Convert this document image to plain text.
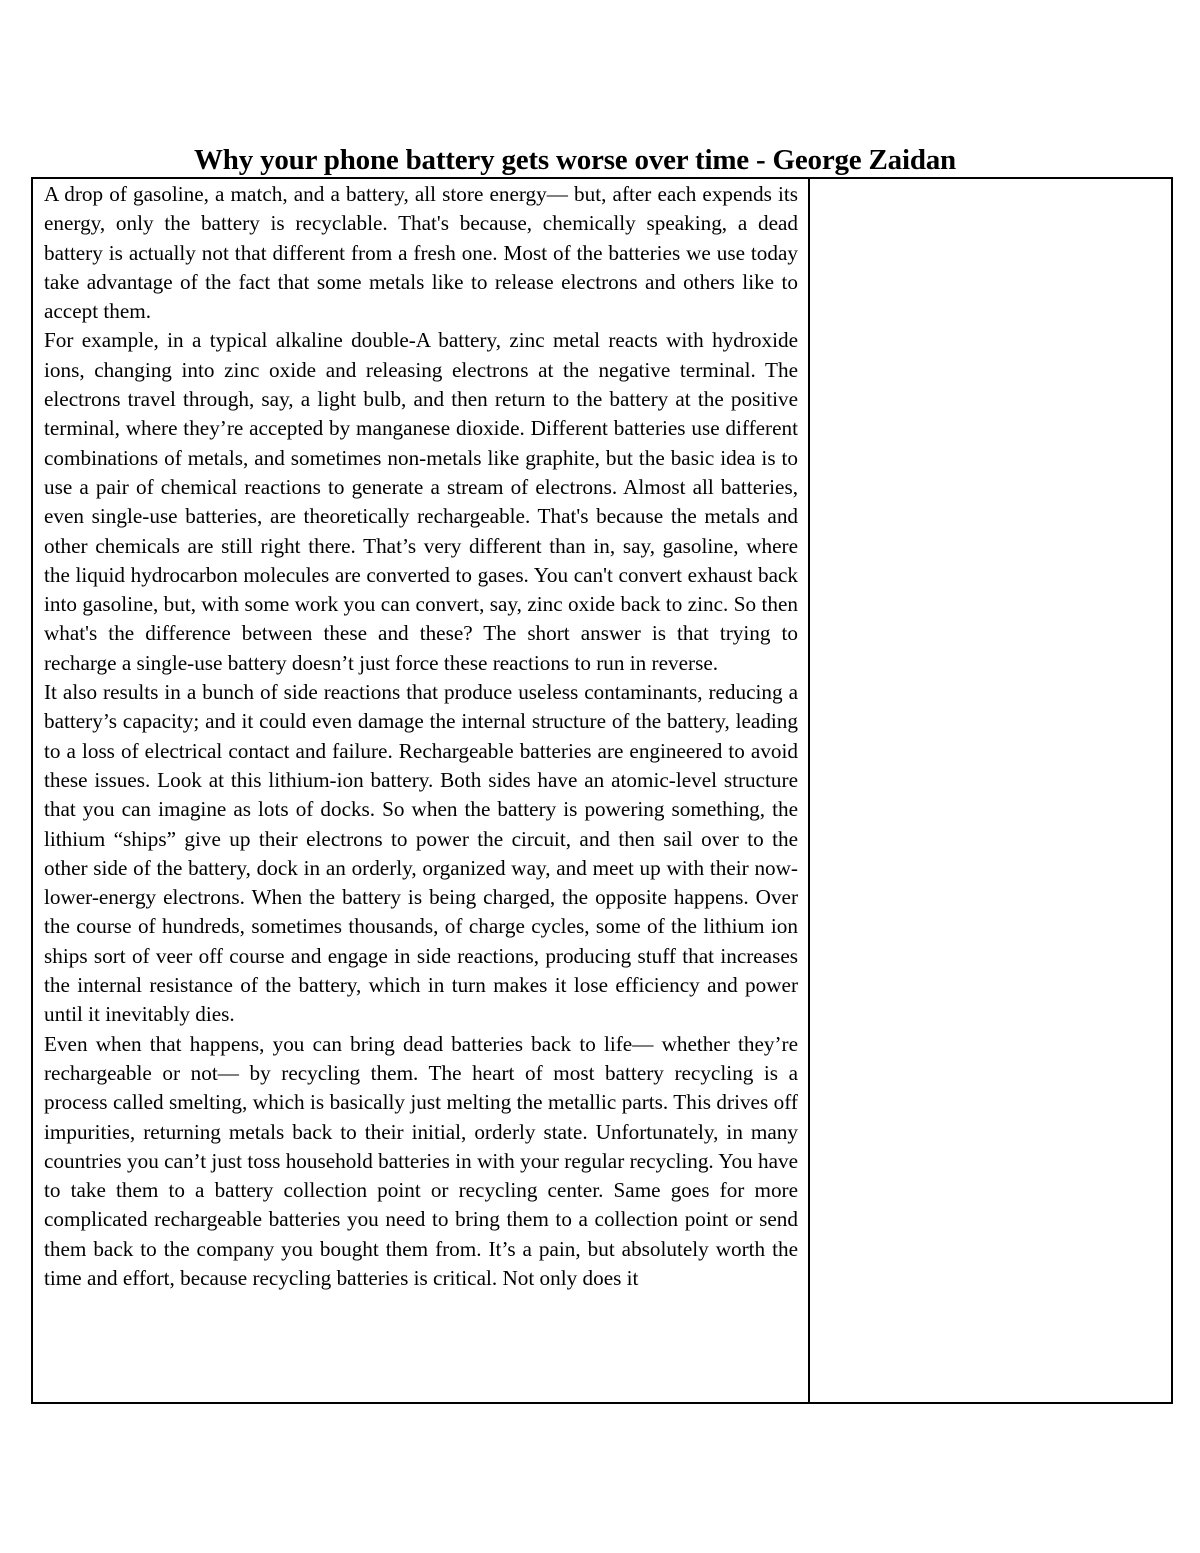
Why your phone battery gets worse over time - George Zaidan

A drop of gasoline, a match, and a battery, all store energy— but, after each expends its energy, only the battery is recyclable. That's because, chemically speaking, a dead battery is actually not that different from a fresh one. Most of the batteries we use today take advantage of the fact that some metals like to release electrons and others like to accept them.

For example, in a typical alkaline double-A battery, zinc metal reacts with hydroxide ions, changing into zinc oxide and releasing electrons at the negative terminal. The electrons travel through, say, a light bulb, and then return to the battery at the positive terminal, where they’re accepted by manganese dioxide. Different batteries use different combinations of metals, and sometimes non-metals like graphite, but the basic idea is to use a pair of chemical reactions to generate a stream of electrons. Almost all batteries, even single-use batteries, are theoretically rechargeable. That's because the metals and other chemicals are still right there. That’s very different than in, say, gasoline, where the liquid hydrocarbon molecules are converted to gases. You can't convert exhaust back into gasoline, but, with some work you can convert, say, zinc oxide back to zinc. So then what's the difference between these and these? The short answer is that trying to recharge a single-use battery doesn’t just force these reactions to run in reverse.

It also results in a bunch of side reactions that produce useless contaminants, reducing a battery’s capacity; and it could even damage the internal structure of the battery, leading to a loss of electrical contact and failure. Rechargeable batteries are engineered to avoid these issues. Look at this lithium-ion battery. Both sides have an atomic-level structure that you can imagine as lots of docks. So when the battery is powering something, the lithium “ships” give up their electrons to power the circuit, and then sail over to the other side of the battery, dock in an orderly, organized way, and meet up with their now-lower-energy electrons. When the battery is being charged, the opposite happens. Over the course of hundreds, sometimes thousands, of charge cycles, some of the lithium ion ships sort of veer off course and engage in side reactions, producing stuff that increases the internal resistance of the battery, which in turn makes it lose efficiency and power until it inevitably dies.

Even when that happens, you can bring dead batteries back to life— whether they’re rechargeable or not— by recycling them. The heart of most battery recycling is a process called smelting, which is basically just melting the metallic parts. This drives off impurities, returning metals back to their initial, orderly state. Unfortunately, in many countries you can’t just toss household batteries in with your regular recycling. You have to take them to a battery collection point or recycling center. Same goes for more complicated rechargeable batteries you need to bring them to a collection point or send them back to the company you bought them from. It’s a pain, but absolutely worth the time and effort, because recycling batteries is critical. Not only does it
